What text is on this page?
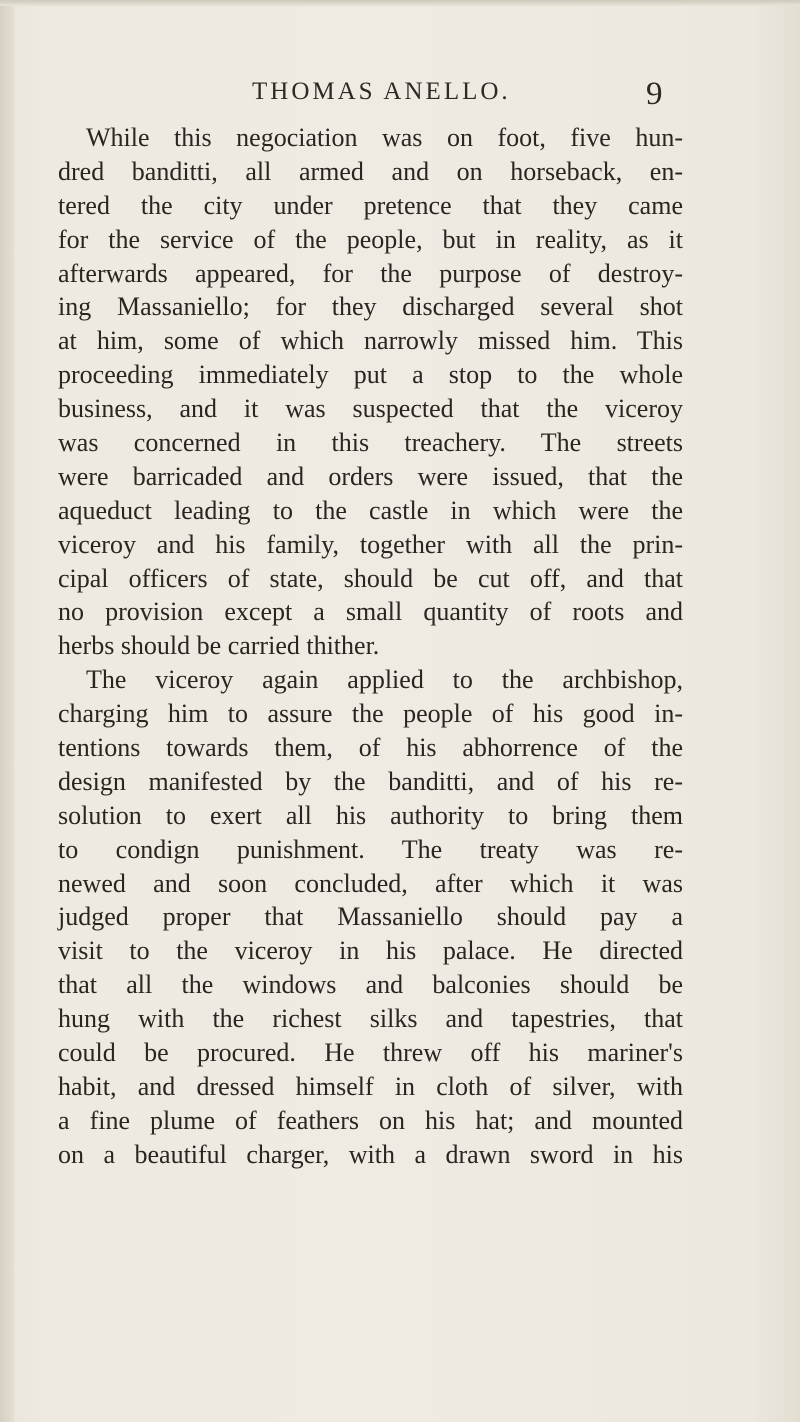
THOMAS ANELLO.	9
While this negociation was on foot, five hun-
dred banditti, all armed and on horseback, en-
tered the city under pretence that they came
for the service of the people, but in reality, as it
afterwards appeared, for the purpose of destroy-
ing Massaniello; for they discharged several shot
at him, some of which narrowly missed him. This
proceeding immediately put a stop to the whole
business, and it was suspected that the viceroy
was concerned in this treachery. The streets
were barricaded and orders were issued, that the
aqueduct leading to the castle in which were the
viceroy and his family, together with all the prin-
cipal officers of state, should be cut off, and that
no provision except a small quantity of roots and
herbs should be carried thither.
The viceroy again applied to the archbishop,
charging him to assure the people of his good in-
tentions towards them, of his abhorrence of the
design manifested by the banditti, and of his re-
solution to exert all his authority to bring them
to condign punishment. The treaty was re-
newed and soon concluded, after which it was
judged proper that Massaniello should pay a
visit to the viceroy in his palace. He directed
that all the windows and balconies should be
hung with the richest silks and tapestries, that
could be procured. He threw off his mariner's
habit, and dressed himself in cloth of silver, with
a fine plume of feathers on his hat; and mounted
on a beautiful charger, with a drawn sword in his
